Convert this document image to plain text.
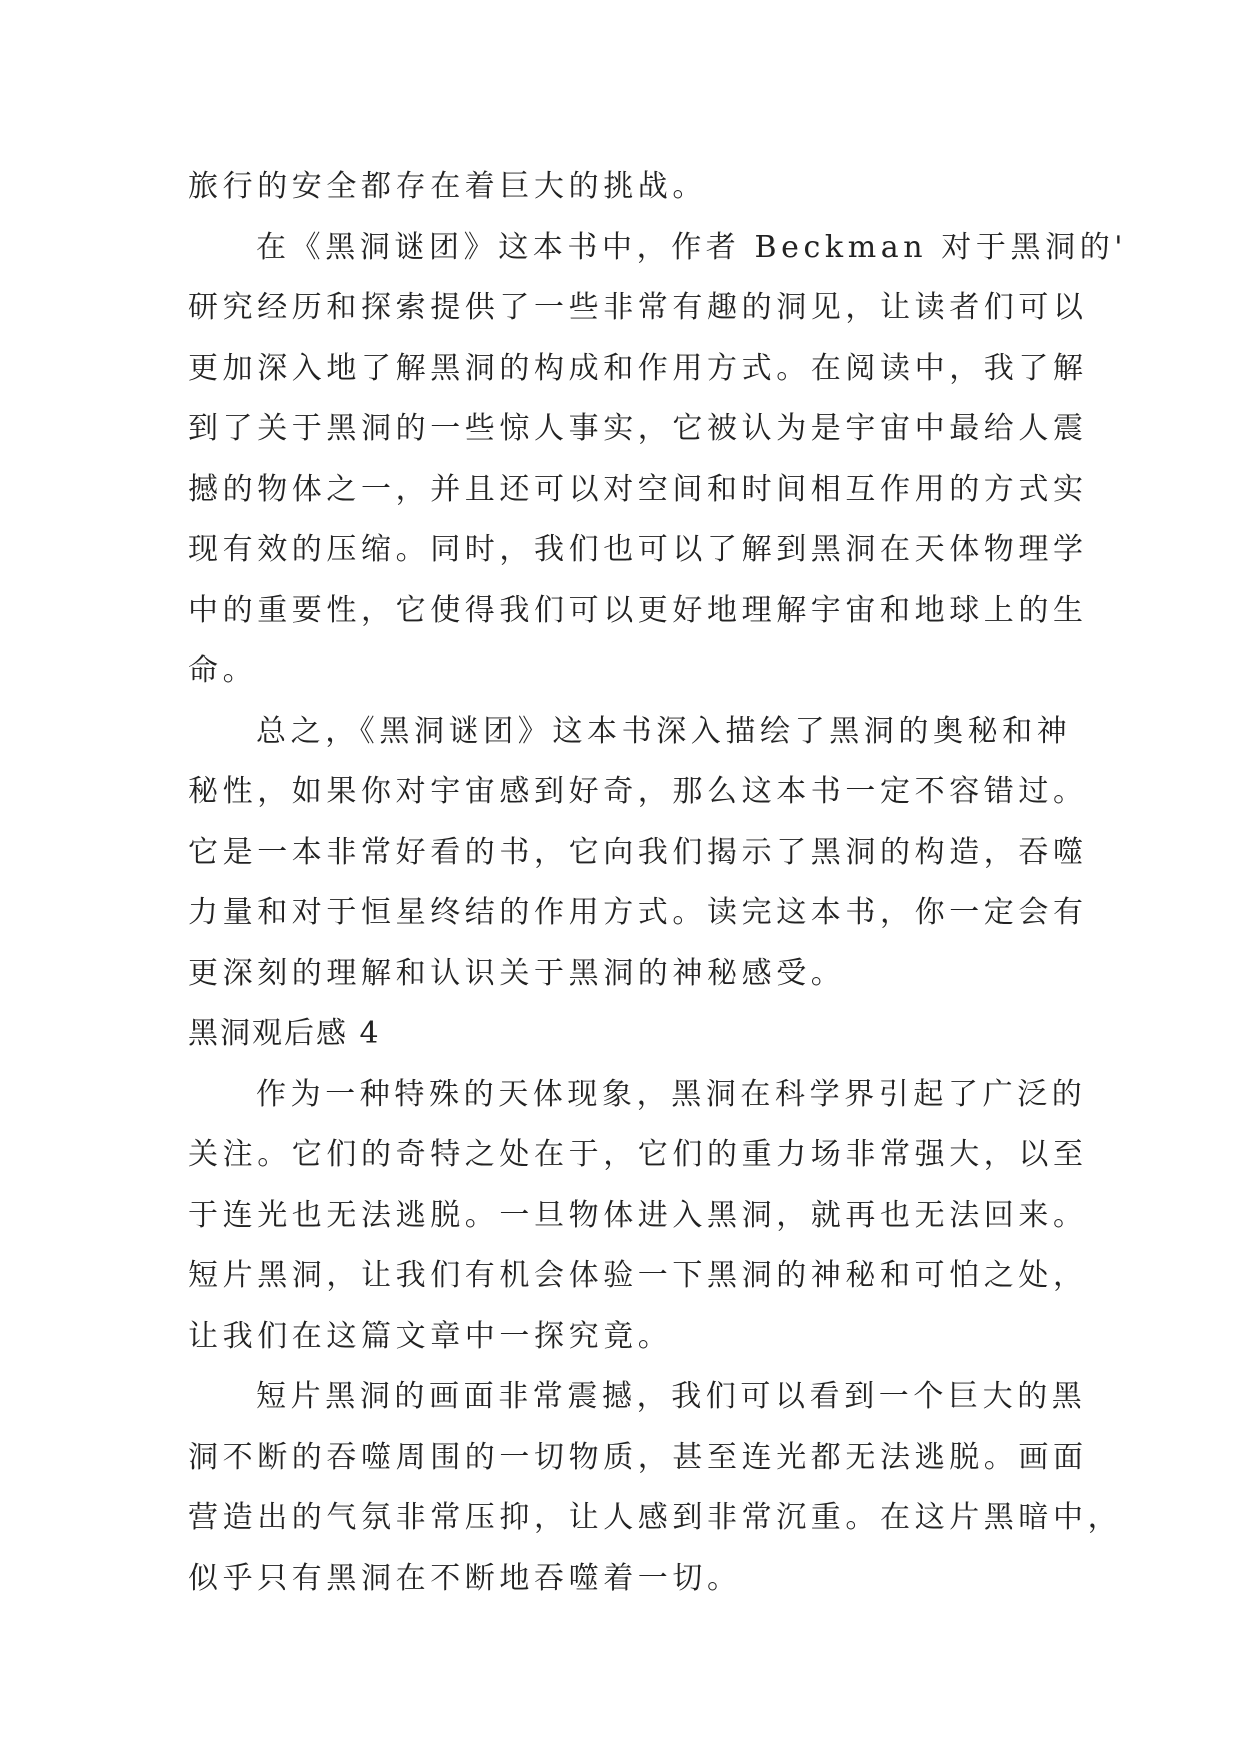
旅行的安全都存在着巨大的挑战。
在《黑洞谜团》这本书中，作者 Beckman 对于黑洞的'
研究经历和探索提供了一些非常有趣的洞见，让读者们可以
更加深入地了解黑洞的构成和作用方式。在阅读中，我了解
到了关于黑洞的一些惊人事实，它被认为是宇宙中最给人震
撼的物体之一，并且还可以对空间和时间相互作用的方式实
现有效的压缩。同时，我们也可以了解到黑洞在天体物理学
中的重要性，它使得我们可以更好地理解宇宙和地球上的生
命。
总之，《黑洞谜团》这本书深入描绘了黑洞的奥秘和神
秘性，如果你对宇宙感到好奇，那么这本书一定不容错过。
它是一本非常好看的书，它向我们揭示了黑洞的构造，吞噬
力量和对于恒星终结的作用方式。读完这本书，你一定会有
更深刻的理解和认识关于黑洞的神秘感受。
黑洞观后感 4
作为一种特殊的天体现象，黑洞在科学界引起了广泛的
关注。它们的奇特之处在于，它们的重力场非常强大，以至
于连光也无法逃脱。一旦物体进入黑洞，就再也无法回来。
短片黑洞，让我们有机会体验一下黑洞的神秘和可怕之处，
让我们在这篇文章中一探究竟。
短片黑洞的画面非常震撼，我们可以看到一个巨大的黑
洞不断的吞噬周围的一切物质，甚至连光都无法逃脱。画面
营造出的气氛非常压抑，让人感到非常沉重。在这片黑暗中，
似乎只有黑洞在不断地吞噬着一切。
